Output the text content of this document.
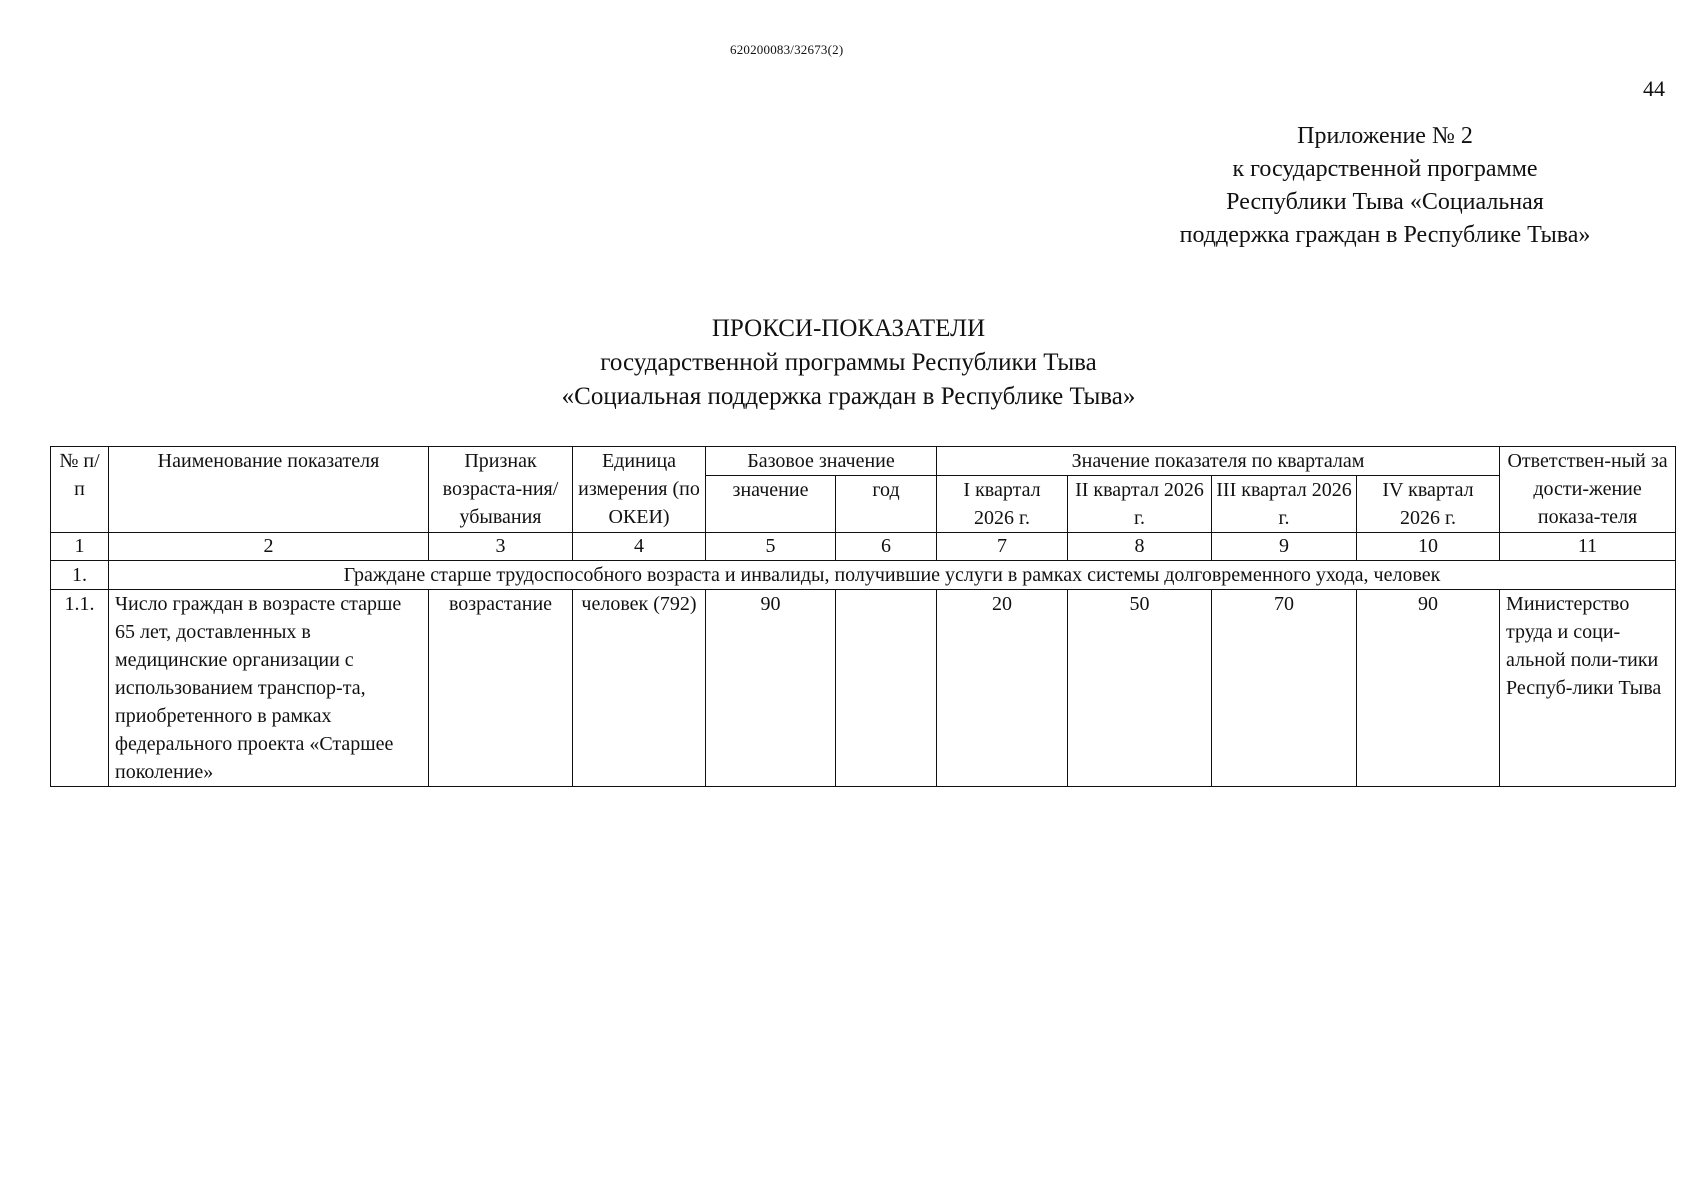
620200083/32673(2)
44
Приложение № 2
к государственной программе
Республики Тыва «Социальная
поддержка граждан в Республике Тыва»
ПРОКСИ-ПОКАЗАТЕЛИ
государственной программы Республики Тыва
«Социальная поддержка граждан в Республике Тыва»
№ п/п	Наименование показателя	Признак возраста-ния/убывания	Единица измерения (по ОКЕИ)	Базовое значение		Значение показателя по кварталам				Ответствен-ный за дости-жение показа-теля
				значение	год	I квартал 2026 г.	II квартал 2026 г.	III квартал 2026 г.	IV квартал 2026 г.	
1	2	3	4	5	6	7	8	9	10	11
1.	Граждане старше трудоспособного возраста и инвалиды, получившие услуги в рамках системы долговременного ухода, человек									
1.1.	Число граждан в возрасте старше 65 лет, доставленных в медицинские организации с использованием транспор-та, приобретенного в рамках федерального проекта «Старшее поколение»	возрастание	человек (792)	90		20	50	70	90	Министерство труда и соци-альной поли-тики Респуб-лики Тыва
